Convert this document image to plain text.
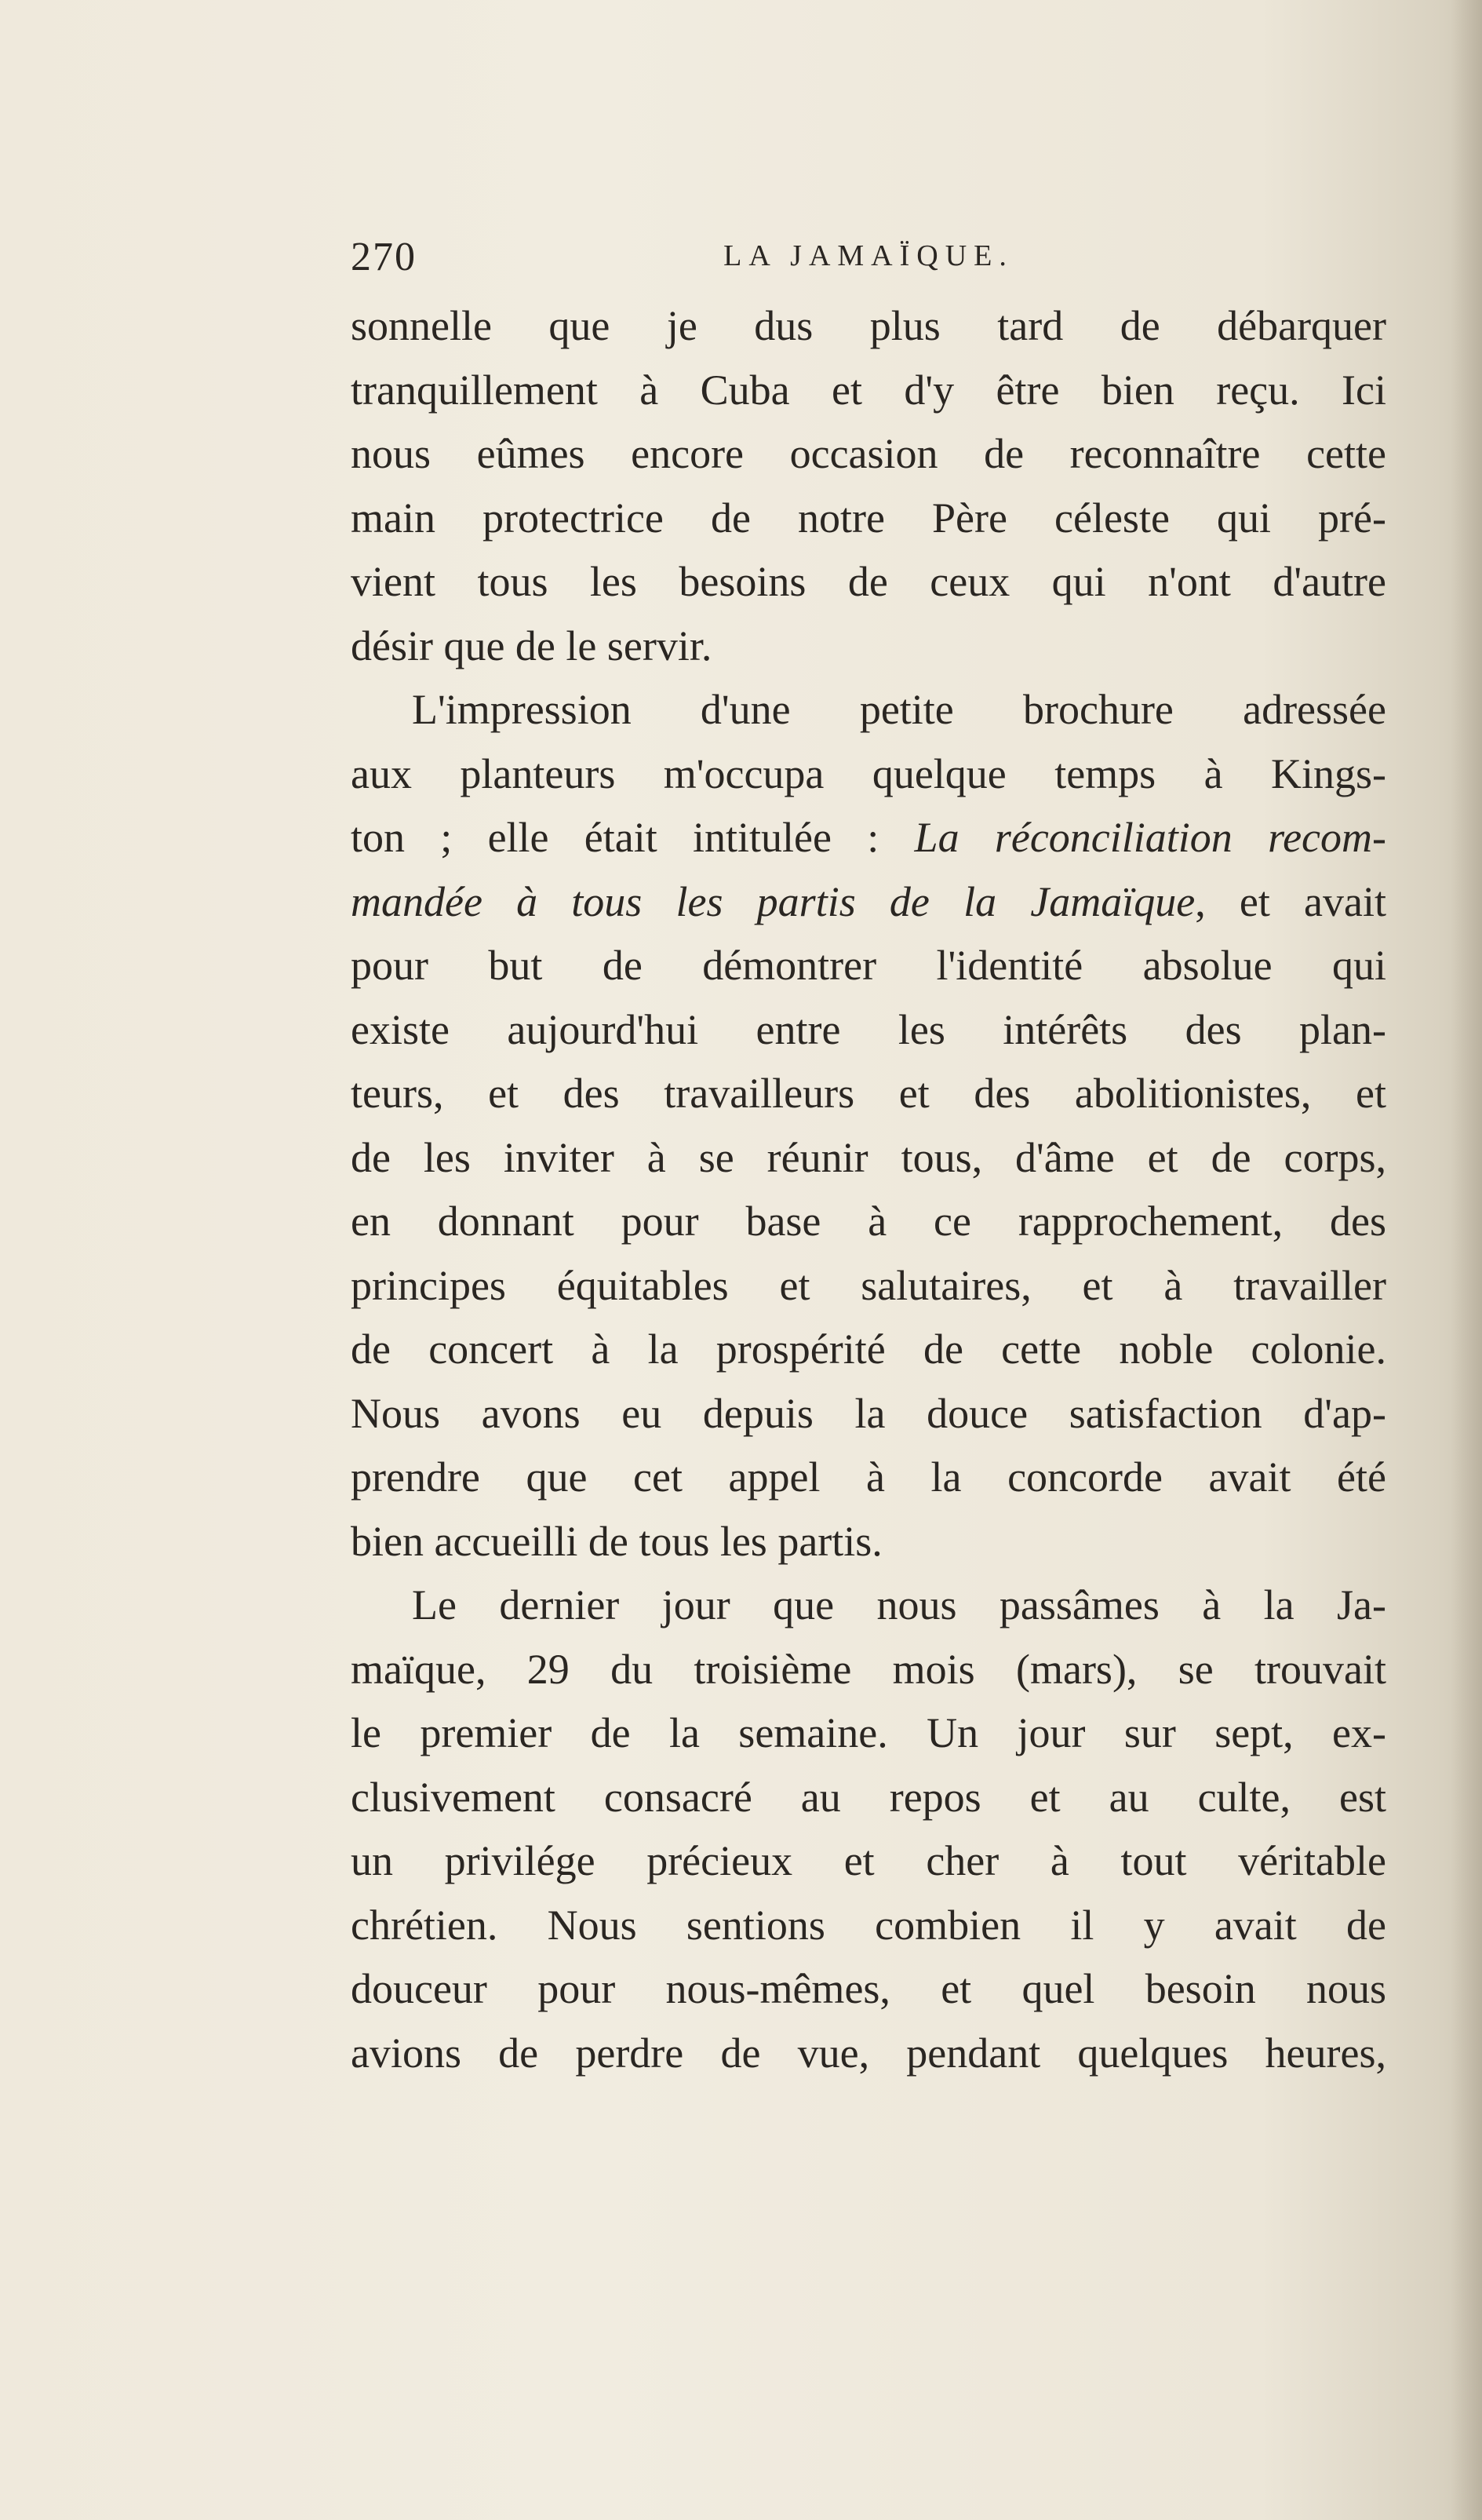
270	LA JAMAÏQUE.
sonnelle que je dus plus tard de débarquer
tranquillement à Cuba et d'y être bien reçu. Ici
nous eûmes encore occasion de reconnaître cette
main protectrice de notre Père céleste qui pré-
vient tous les besoins de ceux qui n'ont d'autre
désir que de le servir.
L'impression d'une petite brochure adressée
aux planteurs m'occupa quelque temps à Kings-
ton ; elle était intitulée : La réconciliation recom-
mandée à tous les partis de la Jamaïque, et avait
pour but de démontrer l'identité absolue qui
existe aujourd'hui entre les intérêts des plan-
teurs, et des travailleurs et des abolitionistes, et
de les inviter à se réunir tous, d'âme et de corps,
en donnant pour base à ce rapprochement, des
principes équitables et salutaires, et à travailler
de concert à la prospérité de cette noble colonie.
Nous avons eu depuis la douce satisfaction d'ap-
prendre que cet appel à la concorde avait été
bien accueilli de tous les partis.
Le dernier jour que nous passâmes à la Ja-
maïque, 29 du troisième mois (mars), se trouvait
le premier de la semaine. Un jour sur sept, ex-
clusivement consacré au repos et au culte, est
un privilége précieux et cher à tout véritable
chrétien. Nous sentions combien il y avait de
douceur pour nous-mêmes, et quel besoin nous
avions de perdre de vue, pendant quelques heures,
